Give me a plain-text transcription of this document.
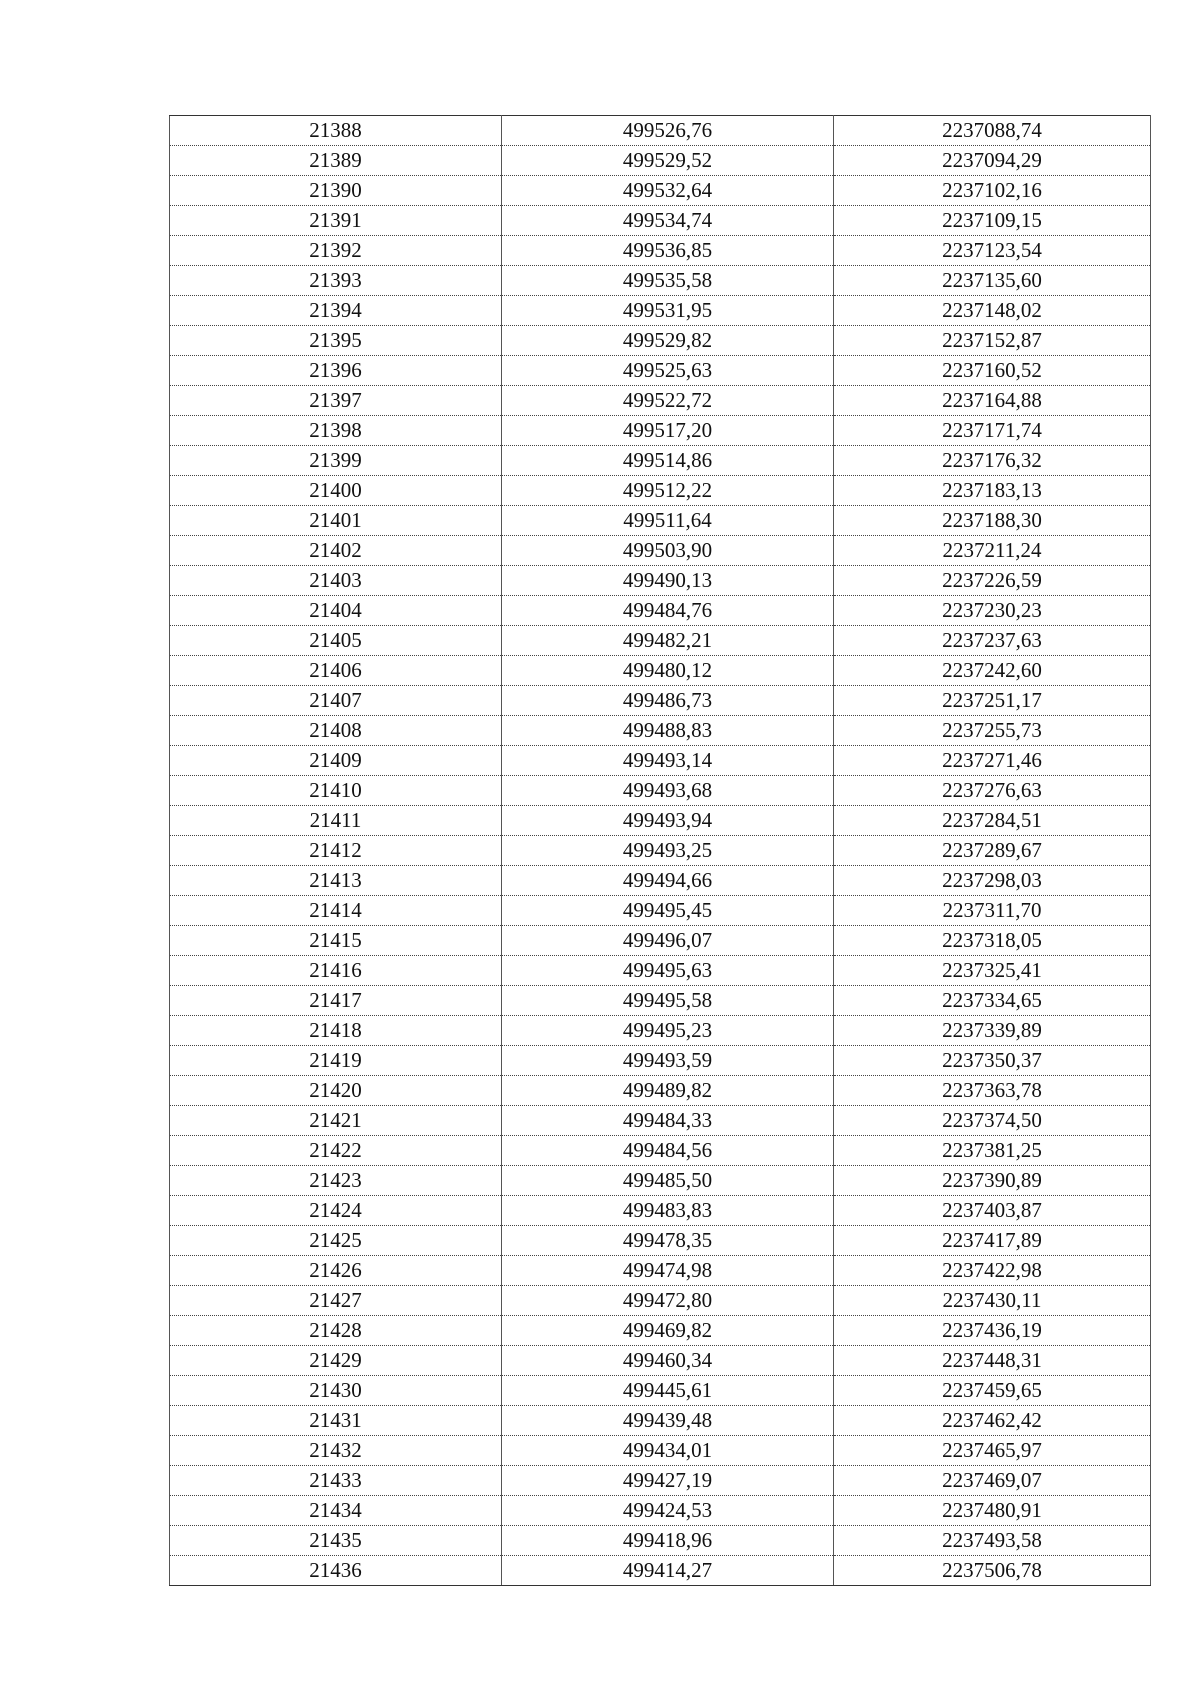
21388	499526,76	2237088,74
21389	499529,52	2237094,29
21390	499532,64	2237102,16
21391	499534,74	2237109,15
21392	499536,85	2237123,54
21393	499535,58	2237135,60
21394	499531,95	2237148,02
21395	499529,82	2237152,87
21396	499525,63	2237160,52
21397	499522,72	2237164,88
21398	499517,20	2237171,74
21399	499514,86	2237176,32
21400	499512,22	2237183,13
21401	499511,64	2237188,30
21402	499503,90	2237211,24
21403	499490,13	2237226,59
21404	499484,76	2237230,23
21405	499482,21	2237237,63
21406	499480,12	2237242,60
21407	499486,73	2237251,17
21408	499488,83	2237255,73
21409	499493,14	2237271,46
21410	499493,68	2237276,63
21411	499493,94	2237284,51
21412	499493,25	2237289,67
21413	499494,66	2237298,03
21414	499495,45	2237311,70
21415	499496,07	2237318,05
21416	499495,63	2237325,41
21417	499495,58	2237334,65
21418	499495,23	2237339,89
21419	499493,59	2237350,37
21420	499489,82	2237363,78
21421	499484,33	2237374,50
21422	499484,56	2237381,25
21423	499485,50	2237390,89
21424	499483,83	2237403,87
21425	499478,35	2237417,89
21426	499474,98	2237422,98
21427	499472,80	2237430,11
21428	499469,82	2237436,19
21429	499460,34	2237448,31
21430	499445,61	2237459,65
21431	499439,48	2237462,42
21432	499434,01	2237465,97
21433	499427,19	2237469,07
21434	499424,53	2237480,91
21435	499418,96	2237493,58
21436	499414,27	2237506,78
